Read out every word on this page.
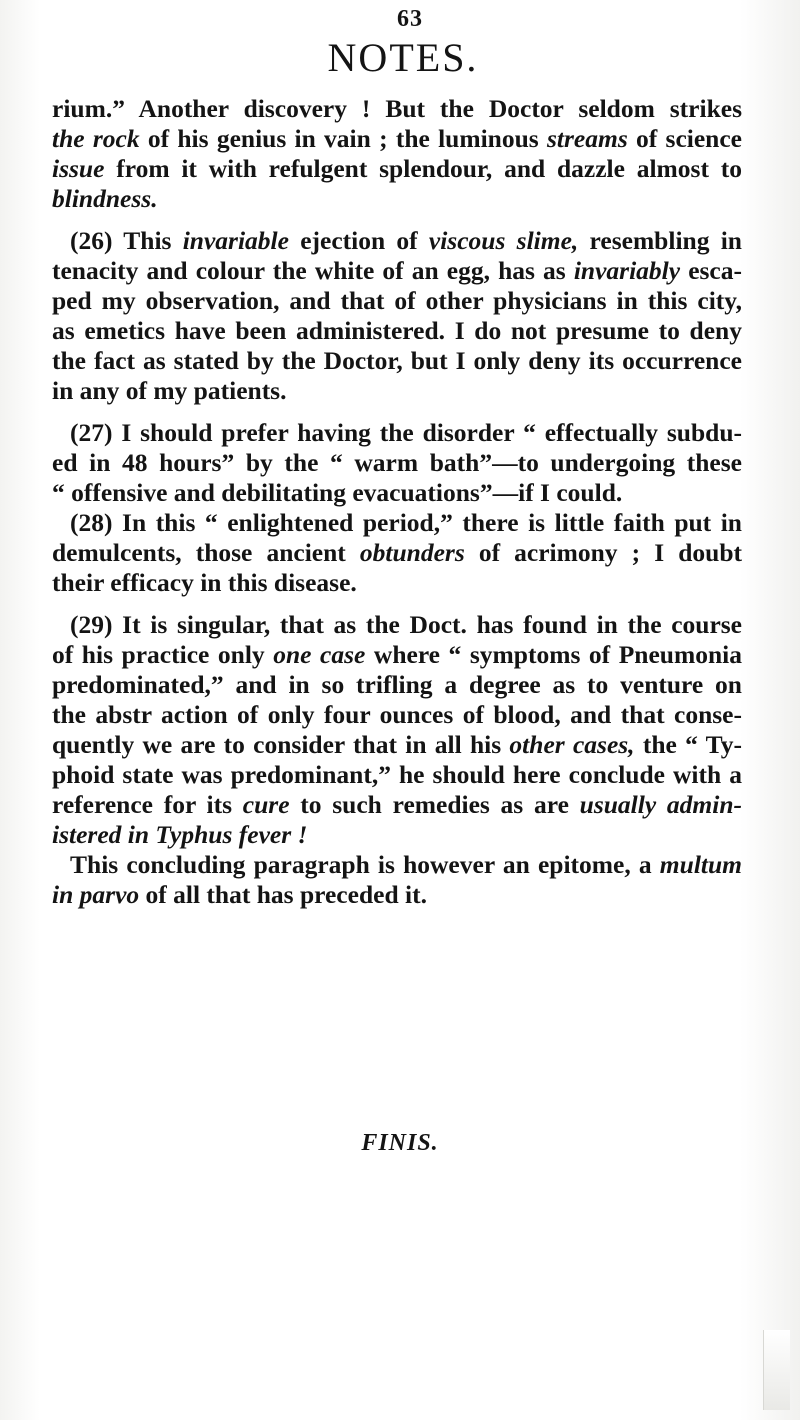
63
NOTES.
rium.” Another discovery ! But the Doctor seldom strikes
the rock of his genius in vain ; the luminous streams of science
issue from it with refulgent splendour, and dazzle almost to
blindness.
(26) This invariable ejection of viscous slime, resembling in
tenacity and colour the white of an egg, has as invariably esca-
ped my observation, and that of other physicians in this city,
as emetics have been administered. I do not presume to deny
the fact as stated by the Doctor, but I only deny its occurrence
in any of my patients.
(27) I should prefer having the disorder “ effectually subdu-
ed in 48 hours” by the “ warm bath”—to undergoing these
“ offensive and debilitating evacuations”—if I could.
(28) In this “ enlightened period,” there is little faith put in
demulcents, those ancient obtunders of acrimony ; I doubt
their efficacy in this disease.
(29) It is singular, that as the Doct. has found in the course
of his practice only one case where “ symptoms of Pneumonia
predominated,” and in so trifling a degree as to venture on
the abstr action of only four ounces of blood, and that conse-
quently we are to consider that in all his other cases, the “ Ty-
phoid state was predominant,” he should here conclude with a
reference for its cure to such remedies as are usually admin-
istered in Typhus fever !
This concluding paragraph is however an epitome, a multum
in parvo of all that has preceded it.
FINIS.
